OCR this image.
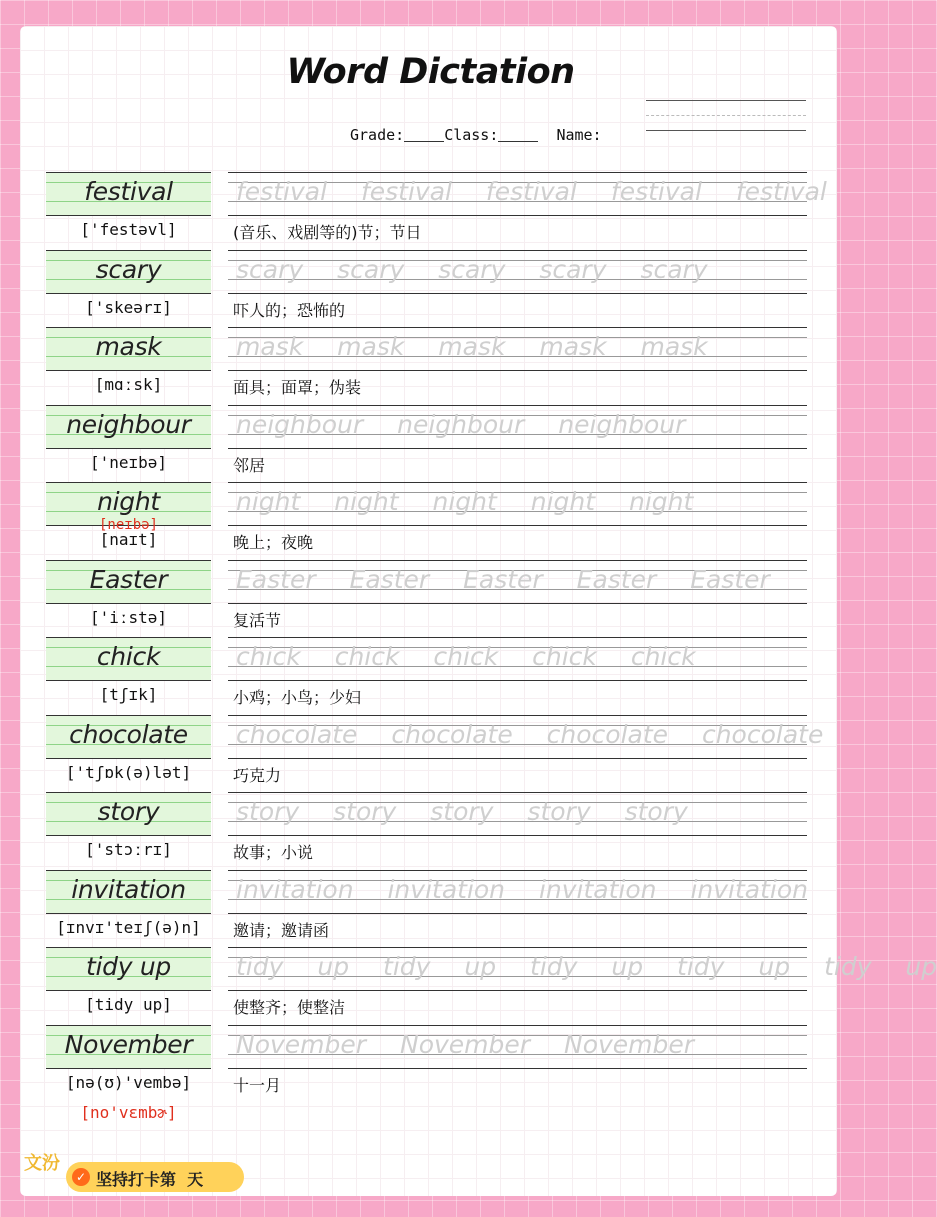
Word Dictation
Grade:	Class:	Name:
festival	festival festival festival festival festival
['festəvl]	(音乐、戏剧等的)节；节日
scary	scary scary scary scary scary
['skeərɪ]	吓人的；恐怖的
mask	mask mask mask mask mask
[mɑːsk]	面具；面罩；伪装
neighbour	neighbour neighbour neighbour
['neɪbə]	邻居
night	night night night night night
[naɪt]	晚上；夜晚
Easter	Easter Easter Easter Easter Easter
['iːstə]	复活节
chick	chick chick chick chick chick
[tʃɪk]	小鸡；小鸟；少妇
chocolate	chocolate chocolate chocolate chocolate
['tʃɒk(ə)lət]	巧克力
story	story story story story story
['stɔːrɪ]	故事；小说
invitation	invitation invitation invitation invitation
[ɪnvɪ'teɪʃ(ə)n]	邀请；邀请函
tidy up	tidy up tidy up tidy up tidy up tidy up
[tidy up]	使整齐；使整洁
November	November November November
[nə(ʊ)'vembə]	十一月
[neɪbə]
[no'vɛmbɚ]
文汾
✓ 坚持打卡第  天
